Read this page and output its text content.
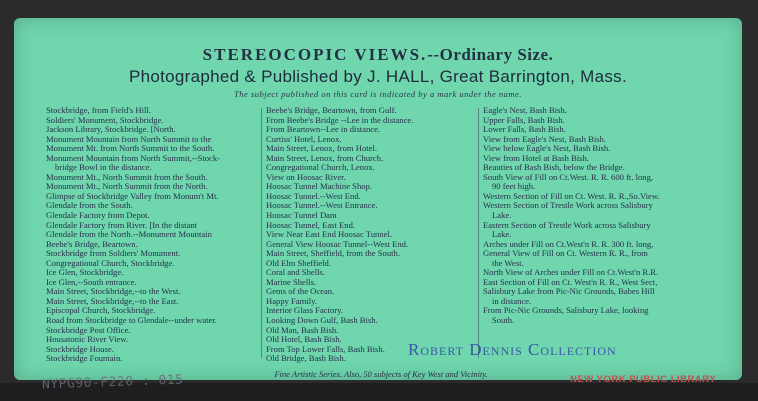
STEREOCOPIC VIEWS.--Ordinary Size.
Photographed & Published by J. HALL, Great Barrington, Mass.
The subject published on this card is indicated by a mark under the name.
Stockbridge, from Field's Hill.
Soldiers' Monument, Stockbridge.
Jackson Library, Stockbridge. [North.
Monument Mountain from North Summit to the
Monument Mt. from North Summit to the South.
Monument Mountain from North Summit,--Stock-
bridge Bowl in the distance.
Monument Mt., North Summit from the South.
Monument Mt., North Summit from the North.
Glimpse of Stockbridge Valley from Monum't Mt.
Glendale from the South.
Glendale Factory from Depot.
Glendale Factory from River. [In the distant
Glendale from the North.--Monument Mountain
Beebe's Bridge, Beartown.
Stockbridge from Soldiers' Monument.
Congregational Church, Stockbridge.
Ice Glen, Stockbridge.
Ice Glen,--South entrance.
Main Street, Stockbridge,--to the West.
Main Street, Stockbridge,--to the East.
Episcopal Church, Stockbridge.
Road from Stockbridge to Glendale--under water.
Stockbridge Post Office.
Housatonic River View.
Stockbridge House.
Stockbridge Fountain.
Beebe's Bridge, Beartown, from Gulf.
From Beebe's Bridge --Lee in the distance.
From Beartown--Lee in distance.
Curtiss' Hotel, Lenox.
Main Street, Lenox, from Hotel.
Main Street, Lenox, from Church.
Congregational Church, Lenox.
View on Hoosac River.
Hoosac Tunnel Machine Shop.
Hoosac Tunnel.--West End.
Hoosac Tunnel.--West Entrance.
Hoosac Tunnel Dam
Hoosac Tunnel, East End.
View Near East End Hoosac Tunnel.
General View Hoosac Tunnel--West End.
Main Street, Sheffield, from the South.
Old Elm Sheffield.
Coral and Shells.
Marine Shells.
Gems of the Ocean.
Happy Family.
Interior Glass Factory.
Looking Down Gulf, Bash Bish.
Old Man, Bash Bish.
Old Hotel, Bash Bish.
From Top Lower Falls, Bash Bish.
Old Bridge, Bash Bish.
Eagle's Nest, Bash Bish.
Upper Falls, Bash Bish.
Lower Falls, Bash Bish.
View from Eagle's Nest, Bash Bish.
View below Eagle's Nest, Bash Bish.
View from Hotel at Bash Bish.
Beauties of Bash Bish, below the Bridge.
South View of Fill on Ct.West. R. R. 600 ft. long,
90 feet high.
Western Section of Fill on Ct. West. R. R.,So.View.
Western Section of Trestle Work across Salisbury
Lake.
Eastern Section of Trestle Work across Salisbury
Lake.
Arches under Fill on Ct.West'n R. R. 300 ft. long,
General View of Fill on Ct. Western R. R., from
the West.
North View of Arches under Fill on Ct.West'n R.R.
East Section of Fill on Ct. West'n R. R., West Sect,
Salisbury Lake from Pic-Nic Grounds, Babes Hill
in distance.
From Pic-Nic Grounds, Salisbury Lake, looking
South.
Robert Dennis Collection
Fine Artistic Series. Also, 50 subjects of Key West and Vicinity.	NEW YORK PUBLIC LIBRARY
NYPG90-F220 : 015
